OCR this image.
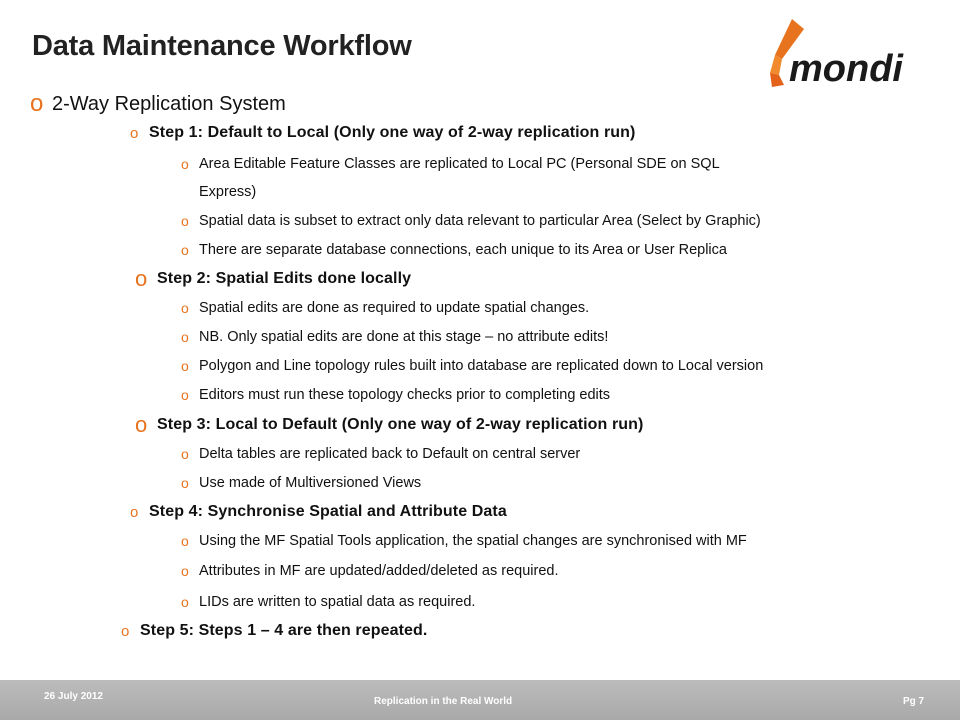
Data Maintenance Workflow
mondi
o 2-Way Replication System
o Step 1: Default to Local (Only one way of 2-way replication run)
o Area Editable Feature Classes are replicated to Local PC (Personal SDE on SQL
Express)
o Spatial data is subset to extract only data relevant to particular Area (Select by Graphic)
o There are separate database connections, each unique to its Area or User Replica
o Step 2: Spatial Edits done locally
o Spatial edits are done as required to update spatial changes.
o NB. Only spatial edits are done at this stage – no attribute edits!
o Polygon and Line topology rules built into database are replicated down to Local version
o Editors must run these topology checks prior to completing edits
o Step 3: Local to Default (Only one way of 2-way replication run)
o Delta tables are replicated back to Default on central server
o Use made of Multiversioned Views
o Step 4: Synchronise Spatial and Attribute Data
o Using the MF Spatial Tools application, the spatial changes are synchronised with MF
o Attributes in MF are updated/added/deleted as required.
o LIDs are written to spatial data as required.
o Step 5: Steps 1 – 4 are then repeated.
26 July 2012	Replication in the Real World	Pg 7
